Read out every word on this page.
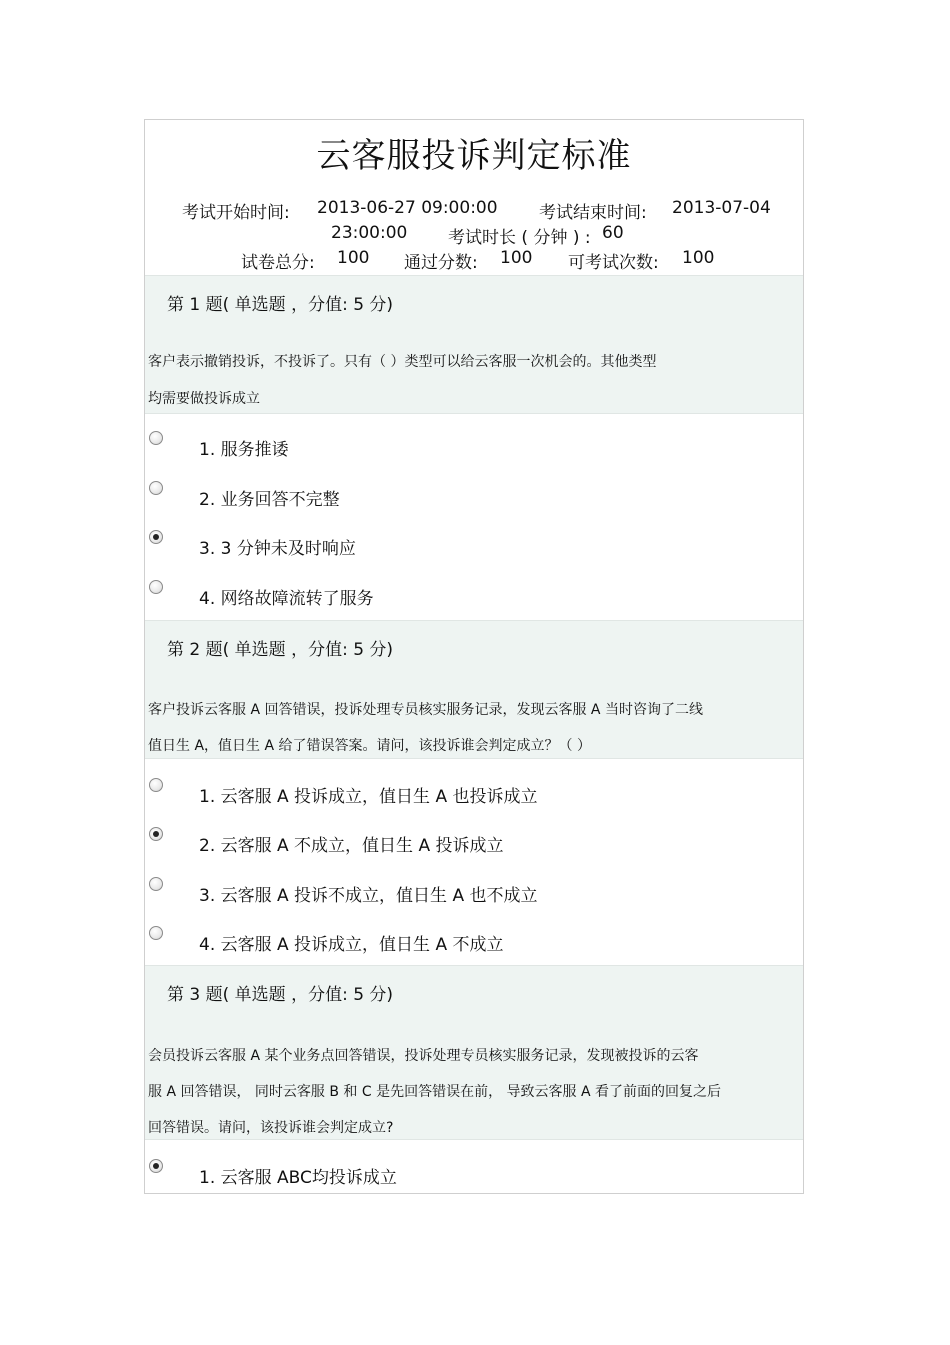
云客服投诉判定标准
考试开始时间: 2013-06-27 09:00:00 考试结束时间: 2013-07-04
23:00:00 考试时长 ( 分钟 ) : 60
试卷总分: 100 通过分数: 100 可考试次数: 100
第 1 题( 单选题 ，分值: 5 分)
客户表示撤销投诉，不投诉了。只有（ ）类型可以给云客服一次机会的。其他类型
均需要做投诉成立
1. 服务推诿
2. 业务回答不完整
3. 3 分钟未及时响应
4. 网络故障流转了服务
第 2 题( 单选题 ，分值: 5 分)
客户投诉云客服 A 回答错误，投诉处理专员核实服务记录，发现云客服 A 当时咨询了二线
值日生 A，值日生 A 给了错误答案。请问，该投诉谁会判定成立？（ ）
1. 云客服 A 投诉成立，值日生 A 也投诉成立
2. 云客服 A 不成立，值日生 A 投诉成立
3. 云客服 A 投诉不成立，值日生 A 也不成立
4. 云客服 A 投诉成立，值日生 A 不成立
第 3 题( 单选题 ，分值: 5 分)
会员投诉云客服 A 某个业务点回答错误，投诉处理专员核实服务记录，发现被投诉的云客
服 A 回答错误， 同时云客服 B 和 C 是先回答错误在前， 导致云客服 A 看了前面的回复之后
回答错误。请问，该投诉谁会判定成立?
1. 云客服 ABC均投诉成立
